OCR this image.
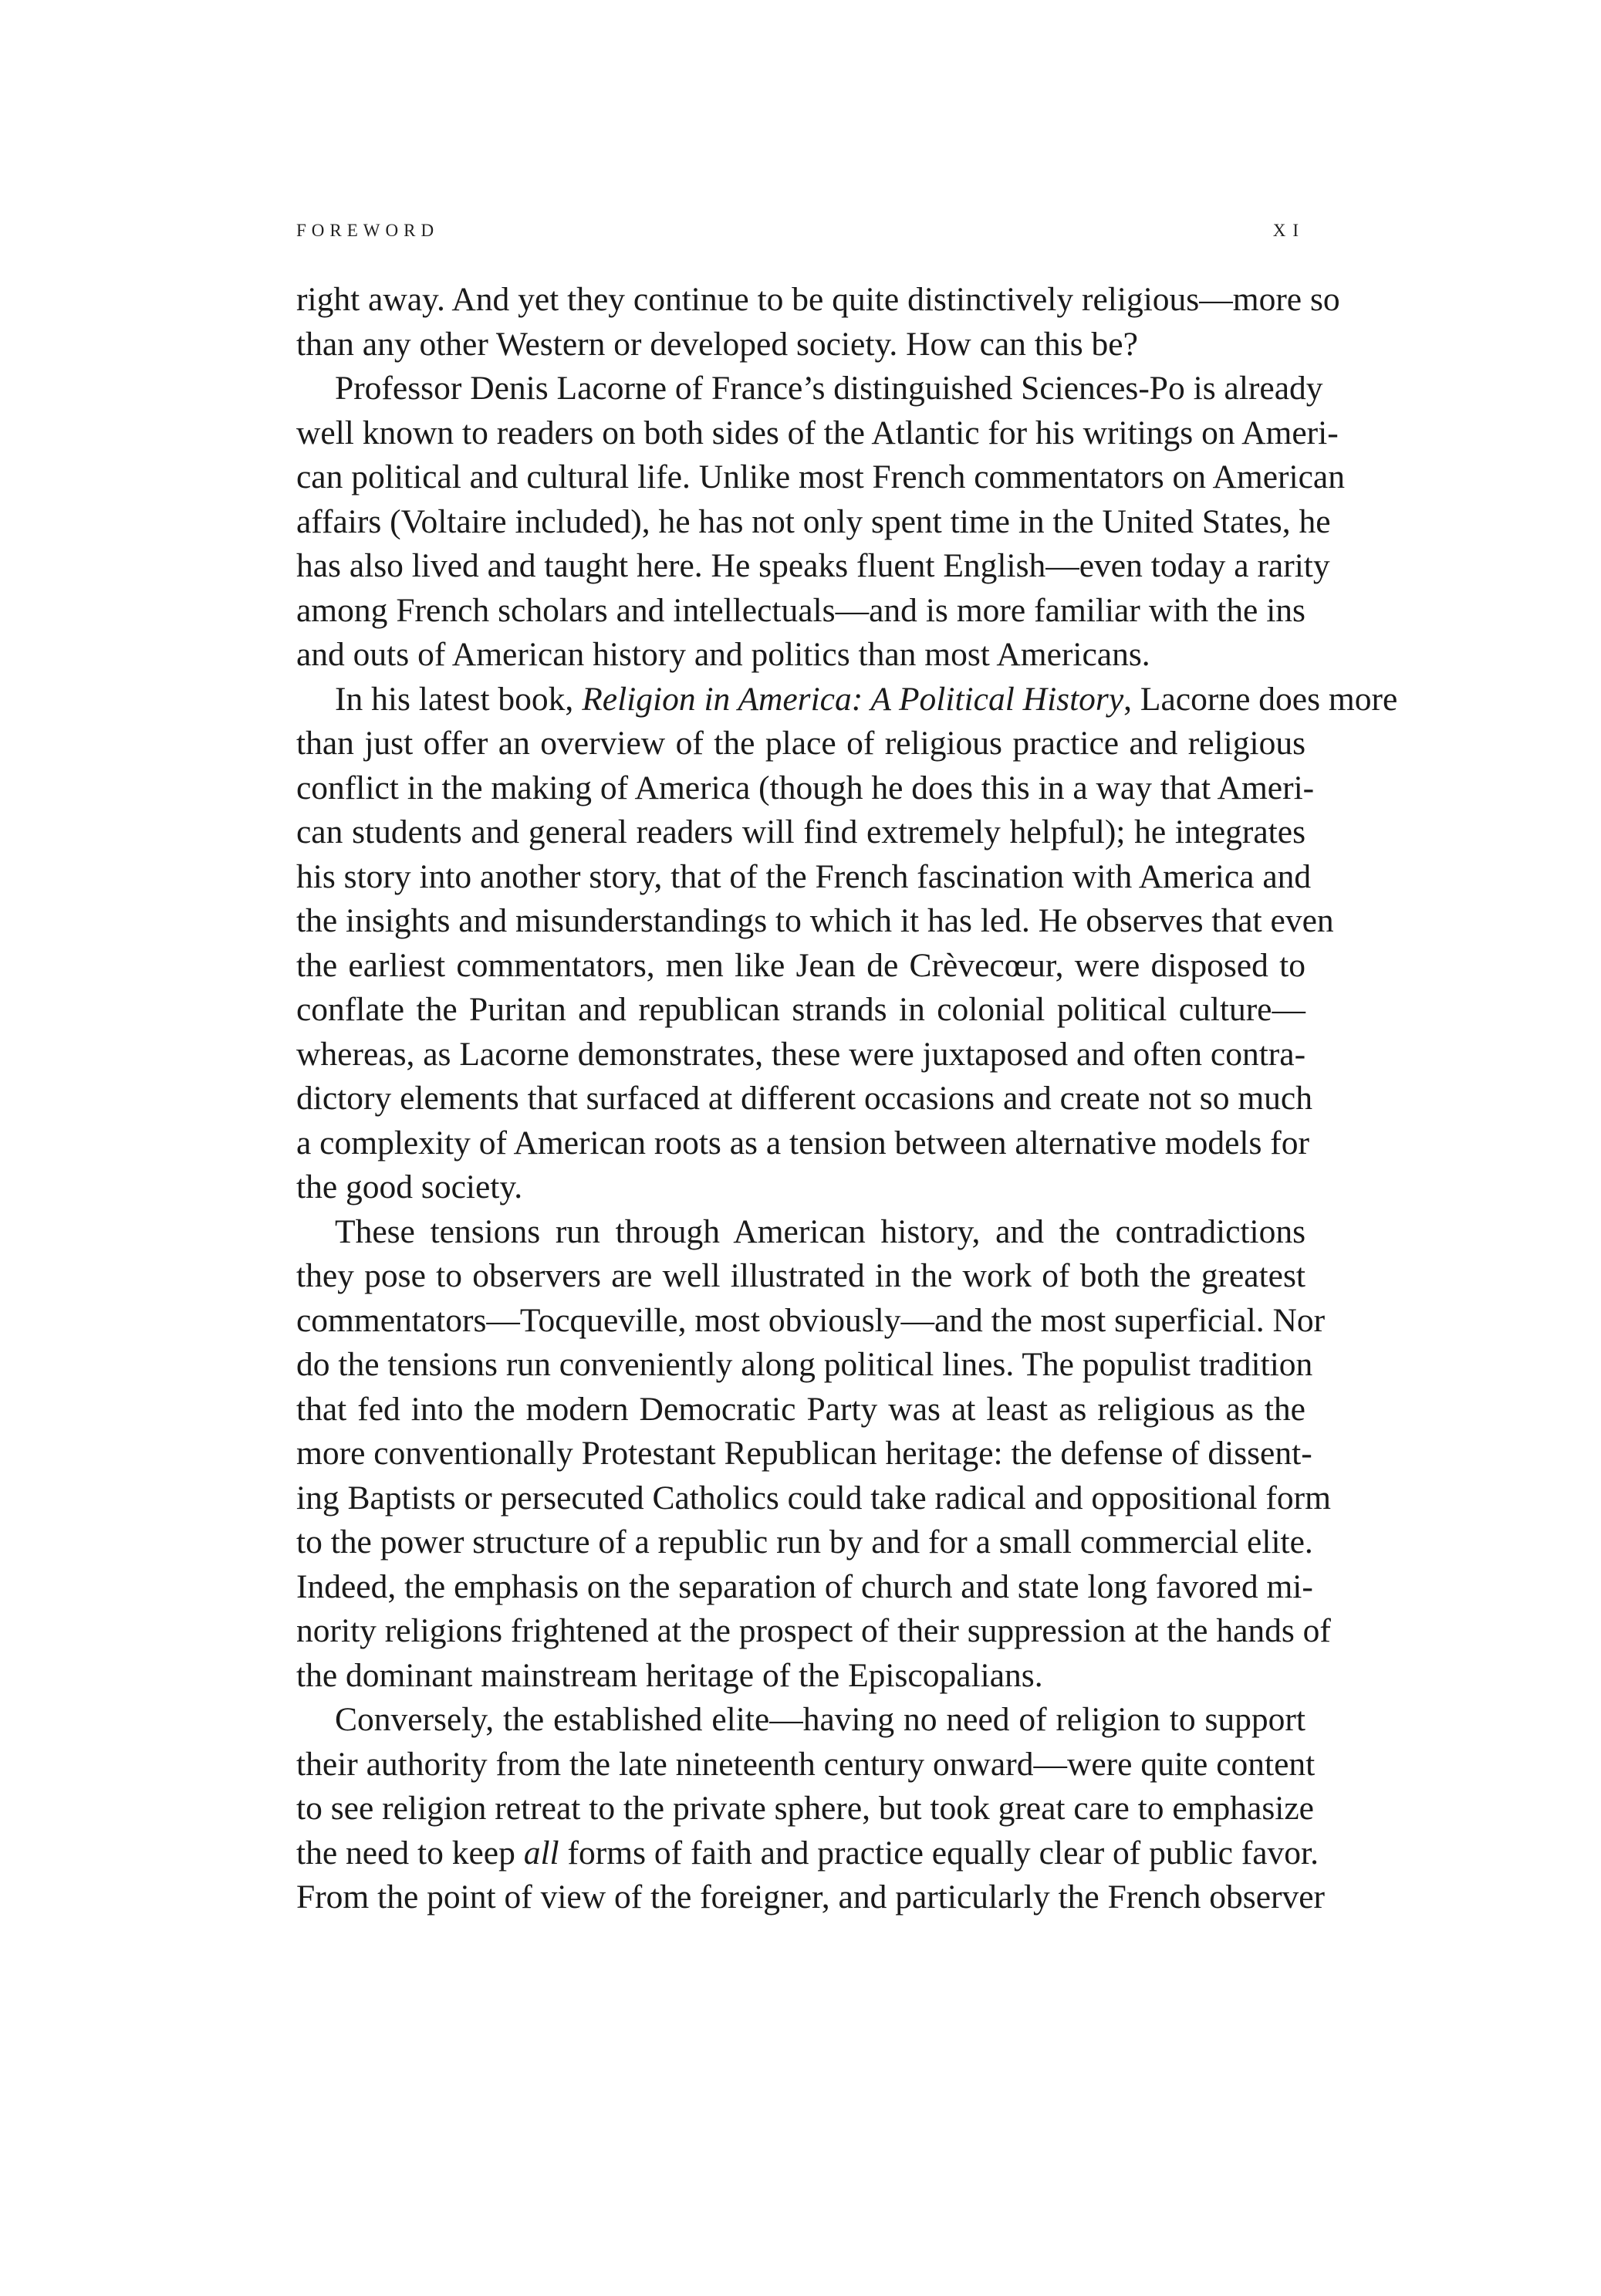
FOREWORD	XI
right away. And yet they continue to be quite distinctively religious—more so
than any other Western or developed society. How can this be?
Professor Denis Lacorne of France’s distinguished Sciences-Po is already
well known to readers on both sides of the Atlantic for his writings on Ameri-
can political and cultural life. Unlike most French commentators on American
affairs (Voltaire included), he has not only spent time in the United States, he
has also lived and taught here. He speaks fluent English—even today a rarity
among French scholars and intellectuals—and is more familiar with the ins
and outs of American history and politics than most Americans.
In his latest book, Religion in America: A Political History, Lacorne does more
than just offer an overview of the place of religious practice and religious
conflict in the making of America (though he does this in a way that Ameri-
can students and general readers will find extremely helpful); he integrates
his story into another story, that of the French fascination with America and
the insights and misunderstandings to which it has led. He observes that even
the earliest commentators, men like Jean de Crèvecœur, were disposed to
conflate the Puritan and republican strands in colonial political culture—
whereas, as Lacorne demonstrates, these were juxtaposed and often contra-
dictory elements that surfaced at different occasions and create not so much
a complexity of American roots as a tension between alternative models for
the good society.
These tensions run through American history, and the contradictions
they pose to observers are well illustrated in the work of both the greatest
commentators—Tocqueville, most obviously—and the most superficial. Nor
do the tensions run conveniently along political lines. The populist tradition
that fed into the modern Democratic Party was at least as religious as the
more conventionally Protestant Republican heritage: the defense of dissent-
ing Baptists or persecuted Catholics could take radical and oppositional form
to the power structure of a republic run by and for a small commercial elite.
Indeed, the emphasis on the separation of church and state long favored mi-
nority religions frightened at the prospect of their suppression at the hands of
the dominant mainstream heritage of the Episcopalians.
Conversely, the established elite—having no need of religion to support
their authority from the late nineteenth century onward—were quite content
to see religion retreat to the private sphere, but took great care to emphasize
the need to keep all forms of faith and practice equally clear of public favor.
From the point of view of the foreigner, and particularly the French observer
